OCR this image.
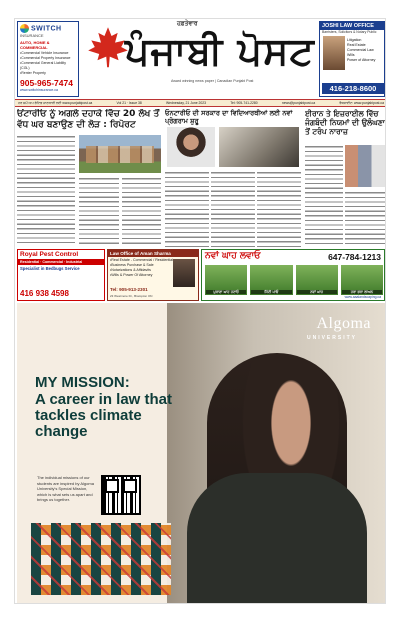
SWITCH
INSURANCE
AUTO, HOME & COMMERCIAL
•Commercial Vehicle Insurance
•Commercial Property Insurance
•Commercial General Liability (CGL)
•Renter Property
905-965-7474
www.switchinsurance.ca
ਹਫ਼ਤੇਵਾਰ
ਪੰਜਾਬੀ ਪੋਸਟ
Award winning news paper | Canadian Punjabi Post
JOSHI LAW OFFICE
Barristers, Solicitors & Notary Public
Litigation
Real Estate
Commercial Law
Wills
Power of Attorney
416-218-8600
ਹਰ ਸਮੇਂ ਅਪ ਡੇਟਿਡ ਜਾਣਕਾਰੀ ਲਈ www.punjabipost.ca	Vol 21 · Issue 38	Wednesday, 21 June 2023	Tel: 905-741-2280	news@punjabipost.ca	ਵੈਬਸਾਈਟ: www.punjabipost.ca
ਓਂਟਾਰੀਓ ਨੂੰ ਅਗਲੇ ਦਹਾਕੇ ਵਿੱਚ 20 ਲੱਖ ਤੋਂ ਵੱਧ ਘਰ ਬਣਾਉਣ ਦੀ ਲੋੜ : ਰਿਪੋਰਟ
ਓਨਟਾਰੀਓ ਦੀ ਸਰਕਾਰ ਦਾ ਵਿਦਿਆਰਥੀਆਂ ਲਈ ਨਵਾਂ ਪ੍ਰੋਗਰਾਮ ਸ਼ੁਰੂ
ਈਰਾਨ ਤੇ ਇਜ਼ਰਾਈਲ ਵਿੱਚ ਜੰਗਬੰਦੀ ਨਿਯਮਾਂ ਦੀ ਉਲੰਘਣਾ ਤੋਂ ਟਰੰਪ ਨਾਰਾਜ਼
Royal Pest Control
Residential · Commercial · Industrial
Specialist in Bedbugs Service
416 938 4598
Law Office of Aman Sharma
•Real Estate - Commercial / Residential
•Business Purchase & Sale
•Notarizations & Affidavits
•Wills & Power Of Attorney
Tel: 905-913-2301
23 Westmore Dr., Brampton ON
ਨਵਾਂ ਘਾਹ ਲਵਾਓ	647-784-1213
ਪੁਰਾਣਾ ਘਾਹ ਹਟਾਓ	ਮਿੱਟੀ ਪਾਓ	ਨਵਾਂ ਘਾਹ	ਹਰਾ ਭਰਾ ਲਾਅਨ
www.aaalandscaping.ca
Algoma
UNIVERSITY
MY MISSION:
A career in law that tackles climate change
The individual missions of our students are inspired by Algoma University's Special Mission, which is what sets us apart and brings us together.
